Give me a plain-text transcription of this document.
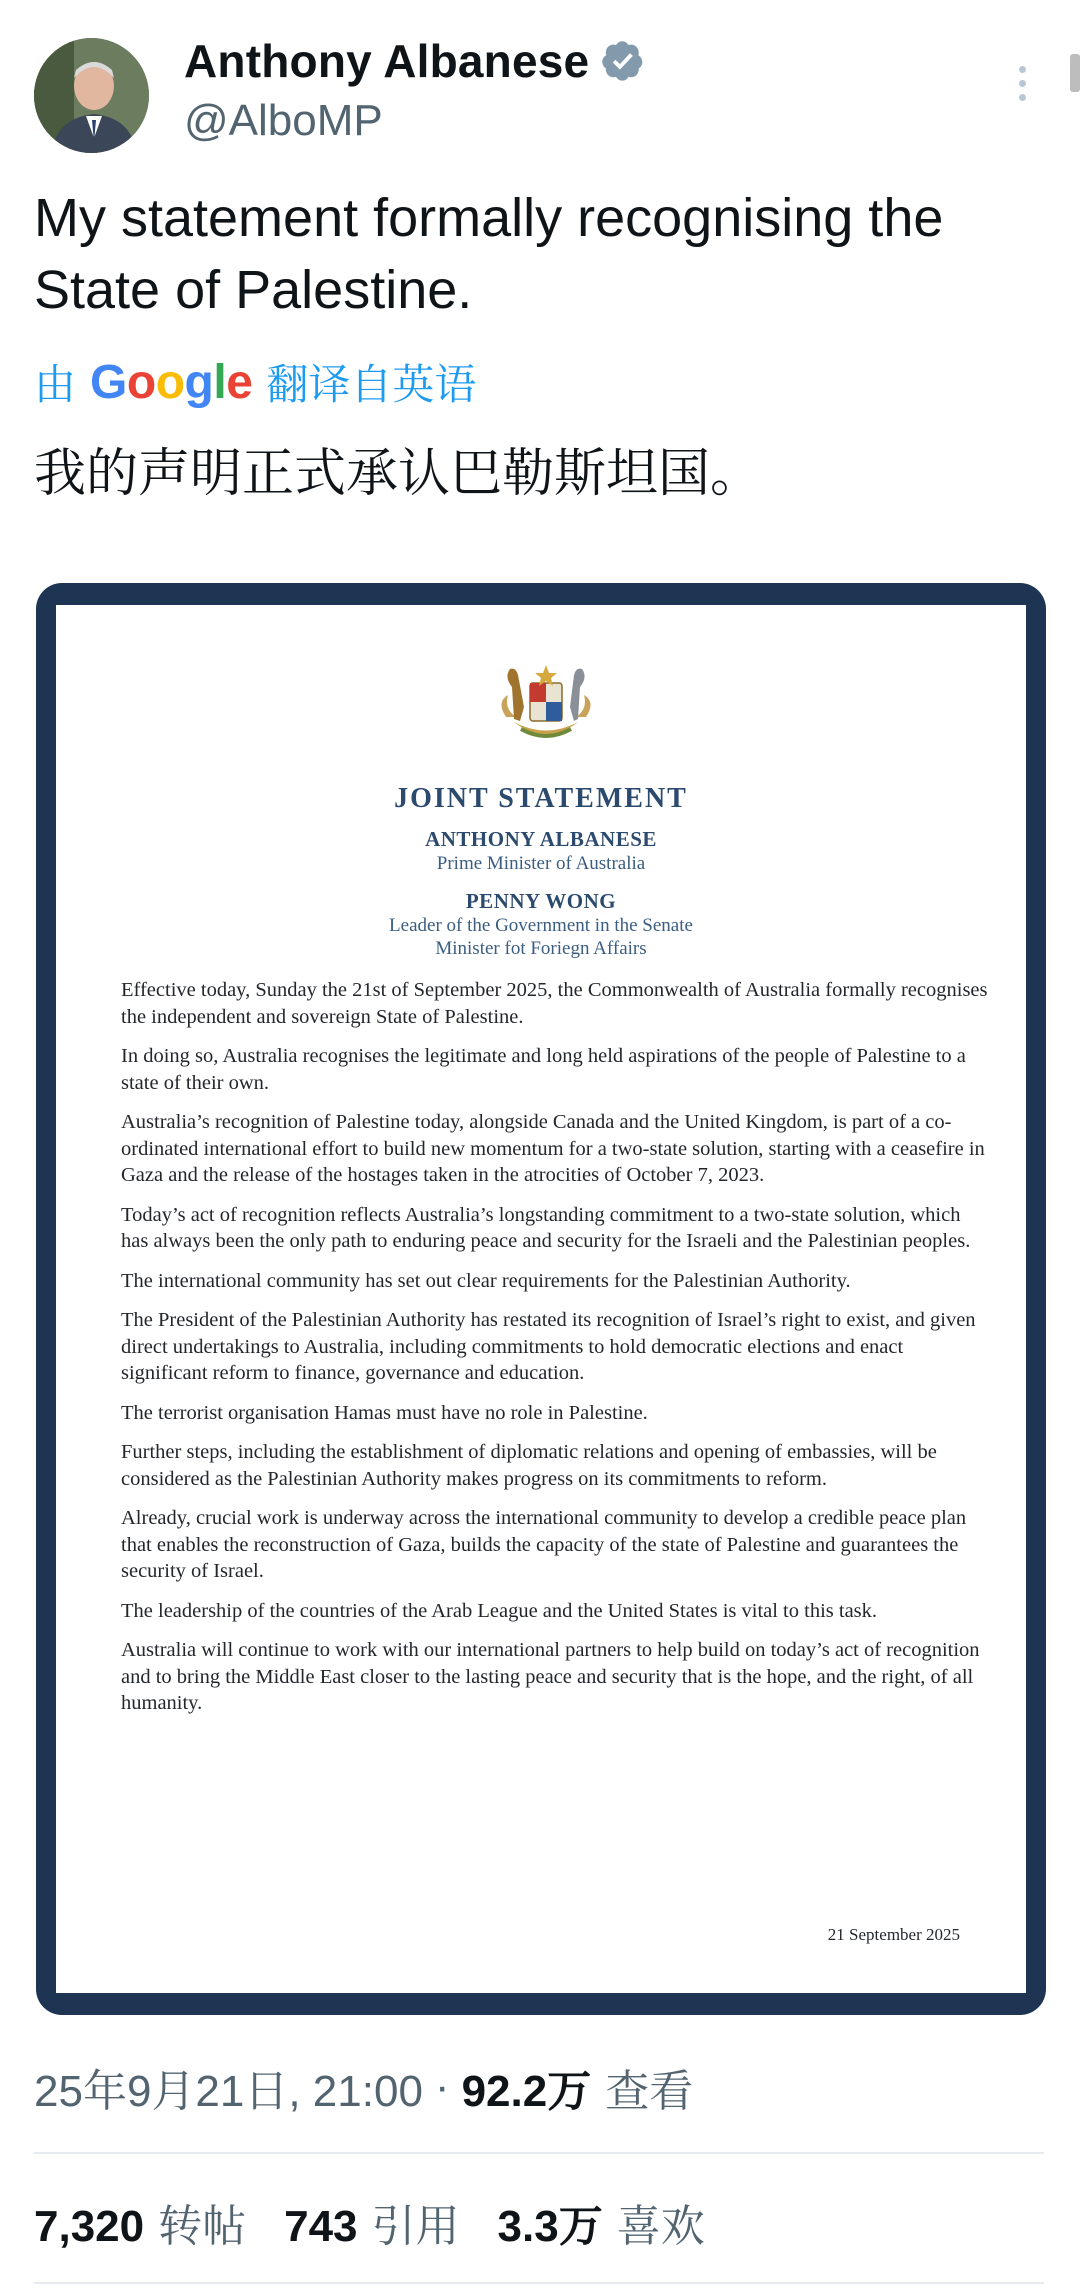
Anthony Albanese
@AlboMP
My statement formally recognising the State of Palestine.
由 Google 翻译自英语
我的声明正式承认巴勒斯坦国。
JOINT STATEMENT
ANTHONY ALBANESE
Prime Minister of Australia
PENNY WONG
Leader of the Government in the Senate
Minister fot Foriegn Affairs

Effective today, Sunday the 21st of September 2025, the Commonwealth of Australia formally recognises the independent and sovereign State of Palestine.

In doing so, Australia recognises the legitimate and long held aspirations of the people of Palestine to a state of their own.

Australia’s recognition of Palestine today, alongside Canada and the United Kingdom, is part of a co-ordinated international effort to build new momentum for a two-state solution, starting with a ceasefire in Gaza and the release of the hostages taken in the atrocities of October 7, 2023.

Today’s act of recognition reflects Australia’s longstanding commitment to a two-state solution, which has always been the only path to enduring peace and security for the Israeli and the Palestinian peoples.

The international community has set out clear requirements for the Palestinian Authority.

The President of the Palestinian Authority has restated its recognition of Israel’s right to exist, and given direct undertakings to Australia, including commitments to hold democratic elections and enact significant reform to finance, governance and education.

The terrorist organisation Hamas must have no role in Palestine.

Further steps, including the establishment of diplomatic relations and opening of embassies, will be considered as the Palestinian Authority makes progress on its commitments to reform.

Already, crucial work is underway across the international community to develop a credible peace plan that enables the reconstruction of Gaza, builds the capacity of the state of Palestine and guarantees the security of Israel.

The leadership of the countries of the Arab League and the United States is vital to this task.

Australia will continue to work with our international partners to help build on today’s act of recognition and to bring the Middle East closer to the lasting peace and security that is the hope, and the right, of all humanity.

21 September 2025
25年9月21日, 21:00 · 92.2万 查看
7,320 转帖 743 引用 3.3万 喜欢
